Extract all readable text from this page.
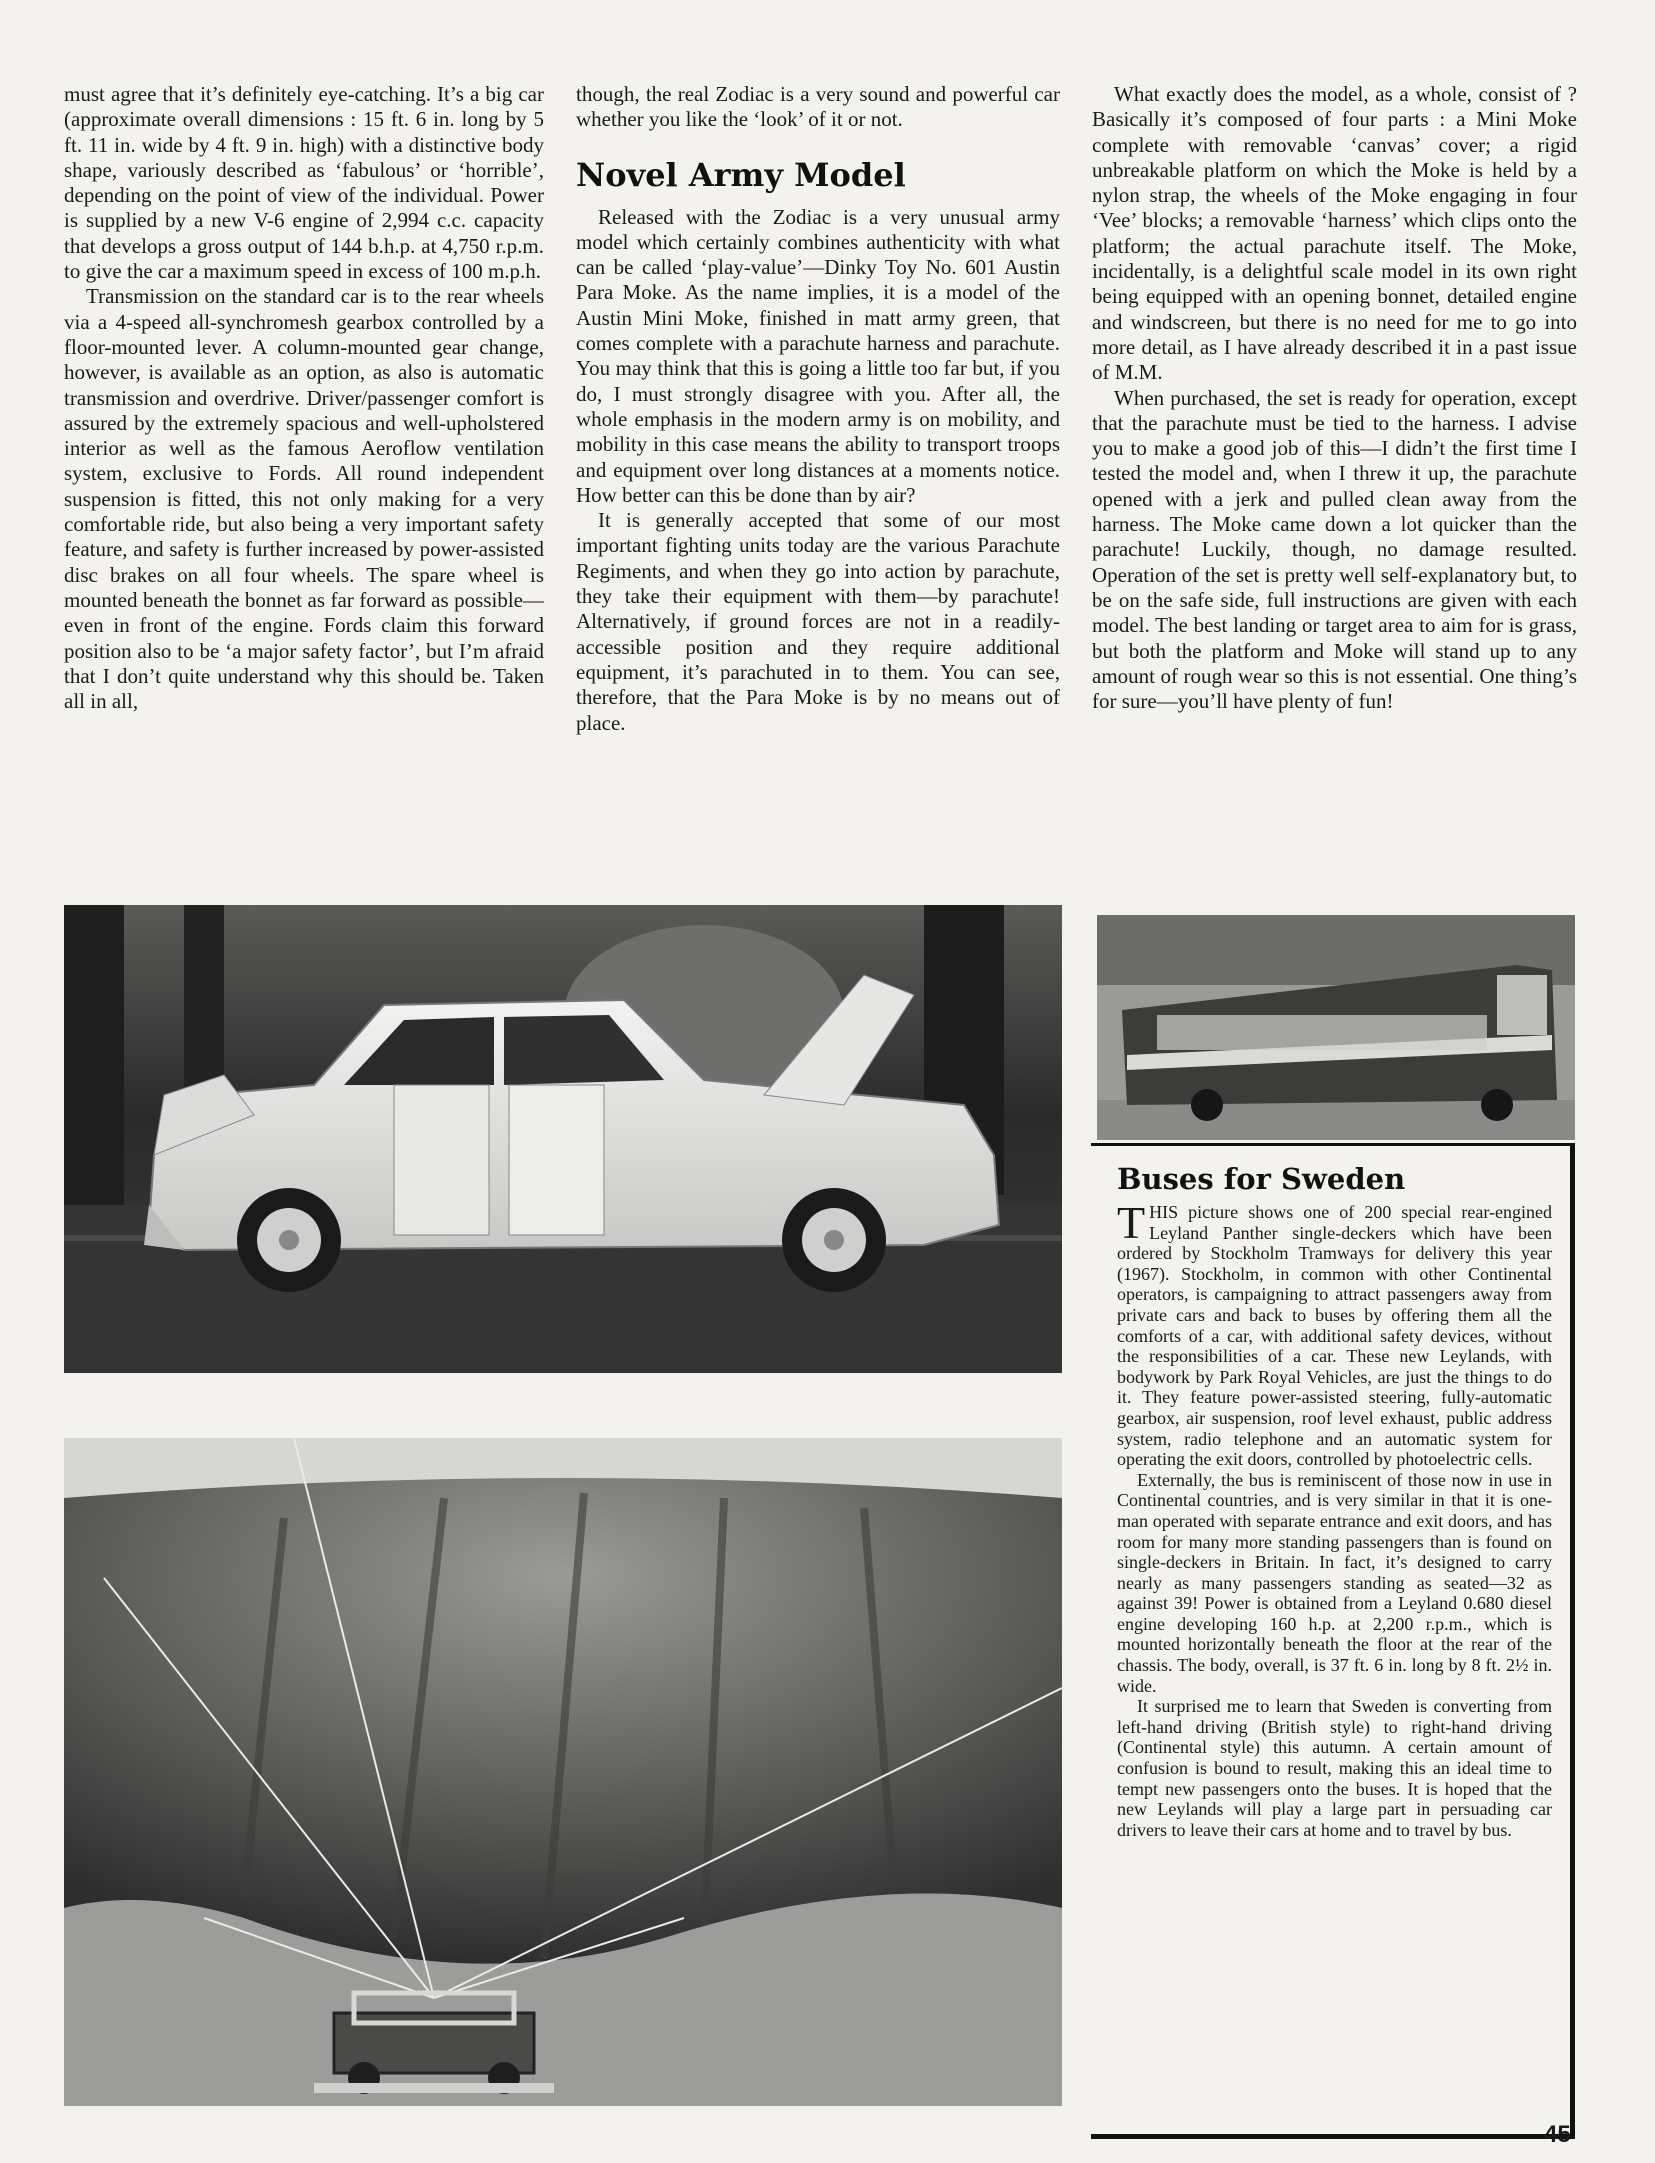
must agree that it’s definitely eye-catching. It’s a big car (approximate overall dimensions : 15 ft. 6 in. long by 5 ft. 11 in. wide by 4 ft. 9 in. high) with a distinctive body shape, variously described as ‘fabulous’ or ‘horrible’, depending on the point of view of the individual. Power is supplied by a new V-6 engine of 2,994 c.c. capacity that develops a gross output of 144 b.h.p. at 4,750 r.p.m. to give the car a maximum speed in excess of 100 m.p.h.

Transmission on the standard car is to the rear wheels via a 4-speed all-synchromesh gearbox controlled by a floor-mounted lever. A column-mounted gear change, however, is available as an option, as also is automatic transmission and overdrive. Driver/passenger comfort is assured by the extremely spacious and well-upholstered interior as well as the famous Aeroflow ventilation system, exclusive to Fords. All round independent suspension is fitted, this not only making for a very comfortable ride, but also being a very important safety feature, and safety is further increased by power-assisted disc brakes on all four wheels. The spare wheel is mounted beneath the bonnet as far forward as possible—even in front of the engine. Fords claim this forward position also to be ‘a major safety factor’, but I’m afraid that I don’t quite understand why this should be. Taken all in all,

though, the real Zodiac is a very sound and powerful car whether you like the ‘look’ of it or not.

Novel Army Model

Released with the Zodiac is a very unusual army model which certainly combines authenticity with what can be called ‘play-value’—Dinky Toy No. 601 Austin Para Moke. As the name implies, it is a model of the Austin Mini Moke, finished in matt army green, that comes complete with a parachute harness and parachute. You may think that this is going a little too far but, if you do, I must strongly disagree with you. After all, the whole emphasis in the modern army is on mobility, and mobility in this case means the ability to transport troops and equipment over long distances at a moments notice. How better can this be done than by air?

It is generally accepted that some of our most important fighting units today are the various Parachute Regiments, and when they go into action by parachute, they take their equipment with them—by parachute! Alternatively, if ground forces are not in a readily-accessible position and they require additional equipment, it’s parachuted in to them. You can see, therefore, that the Para Moke is by no means out of place.

What exactly does the model, as a whole, consist of ? Basically it’s composed of four parts : a Mini Moke complete with removable ‘canvas’ cover; a rigid unbreakable platform on which the Moke is held by a nylon strap, the wheels of the Moke engaging in four ‘Vee’ blocks; a removable ‘harness’ which clips onto the platform; the actual parachute itself. The Moke, incidentally, is a delightful scale model in its own right being equipped with an opening bonnet, detailed engine and windscreen, but there is no need for me to go into more detail, as I have already described it in a past issue of M.M.

When purchased, the set is ready for operation, except that the parachute must be tied to the harness. I advise you to make a good job of this—I didn’t the first time I tested the model and, when I threw it up, the parachute opened with a jerk and pulled clean away from the harness. The Moke came down a lot quicker than the parachute! Luckily, though, no damage resulted. Operation of the set is pretty well self-explanatory but, to be on the safe side, full instructions are given with each model. The best landing or target area to aim for is grass, but both the platform and Moke will stand up to any amount of rough wear so this is not essential. One thing’s for sure—you’ll have plenty of fun!

Buses for Sweden

THIS picture shows one of 200 special rear-engined Leyland Panther single-deckers which have been ordered by Stockholm Tramways for delivery this year (1967). Stockholm, in common with other Continental operators, is campaigning to attract passengers away from private cars and back to buses by offering them all the comforts of a car, with additional safety devices, without the responsibilities of a car. These new Leylands, with bodywork by Park Royal Vehicles, are just the things to do it. They feature power-assisted steering, fully-automatic gearbox, air suspension, roof level exhaust, public address system, radio telephone and an automatic system for operating the exit doors, controlled by photoelectric cells.

Externally, the bus is reminiscent of those now in use in Continental countries, and is very similar in that it is one-man operated with separate entrance and exit doors, and has room for many more standing passengers than is found on single-deckers in Britain. In fact, it’s designed to carry nearly as many passengers standing as seated—32 as against 39! Power is obtained from a Leyland 0.680 diesel engine developing 160 h.p. at 2,200 r.p.m., which is mounted horizontally beneath the floor at the rear of the chassis. The body, overall, is 37 ft. 6 in. long by 8 ft. 2½ in. wide.

It surprised me to learn that Sweden is converting from left-hand driving (British style) to right-hand driving (Continental style) this autumn. A certain amount of confusion is bound to result, making this an ideal time to tempt new passengers onto the buses. It is hoped that the new Leylands will play a large part in persuading car drivers to leave their cars at home and to travel by bus.

45
